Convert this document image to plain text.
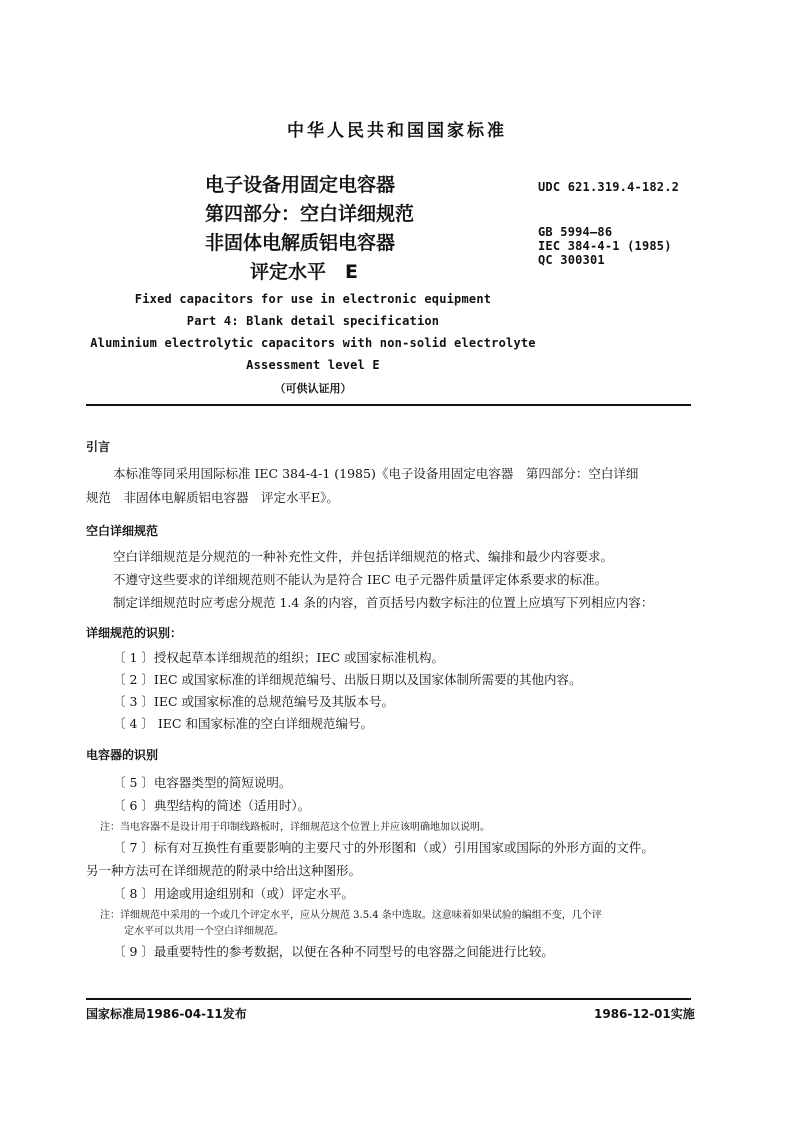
中华人民共和国国家标准
电子设备用固定电容器
第四部分：空白详细规范
非固体电解质铝电容器
评定水平　E
UDC 621.319.4-182.2
GB 5994—86
IEC 384-4-1 (1985)
QC 300301
Fixed capacitors for use in electronic equipment
Part 4: Blank detail specification
Aluminium electrolytic capacitors with non-solid electrolyte
Assessment level E
（可供认证用）
引言
本标准等同采用国际标准 IEC 384-4-1 (1985)《电子设备用固定电容器　第四部分：空白详细
规范　非固体电解质铝电容器　评定水平E》。
空白详细规范
空白详细规范是分规范的一种补充性文件，并包括详细规范的格式、编排和最少内容要求。
不遵守这些要求的详细规范则不能认为是符合 IEC 电子元器件质量评定体系要求的标准。
制定详细规范时应考虑分规范 1.4 条的内容，首页括号内数字标注的位置上应填写下列相应内容：
详细规范的识别：
〔 1 〕授权起草本详细规范的组织；IEC 或国家标准机构。
〔 2 〕IEC 或国家标准的详细规范编号、出版日期以及国家体制所需要的其他内容。
〔 3 〕IEC 或国家标准的总规范编号及其版本号。
〔 4 〕 IEC 和国家标准的空白详细规范编号。
电容器的识别
〔 5 〕电容器类型的简短说明。
〔 6 〕典型结构的简述（适用时）。
注：当电容器不是设计用于印制线路板时，详细规范这个位置上并应该明确地加以说明。
〔 7 〕标有对互换性有重要影响的主要尺寸的外形图和（或）引用国家或国际的外形方面的文件。
另一种方法可在详细规范的附录中给出这种图形。
〔 8 〕用途或用途组别和（或）评定水平。
注：详细规范中采用的一个或几个评定水平，应从分规范 3.5.4 条中选取。这意味着如果试验的编组不变，几个评
定水平可以共用一个空白详细规范。
〔 9 〕最重要特性的参考数据，以便在各种不同型号的电容器之间能进行比较。
国家标准局1986-04-11发布	1986-12-01实施
